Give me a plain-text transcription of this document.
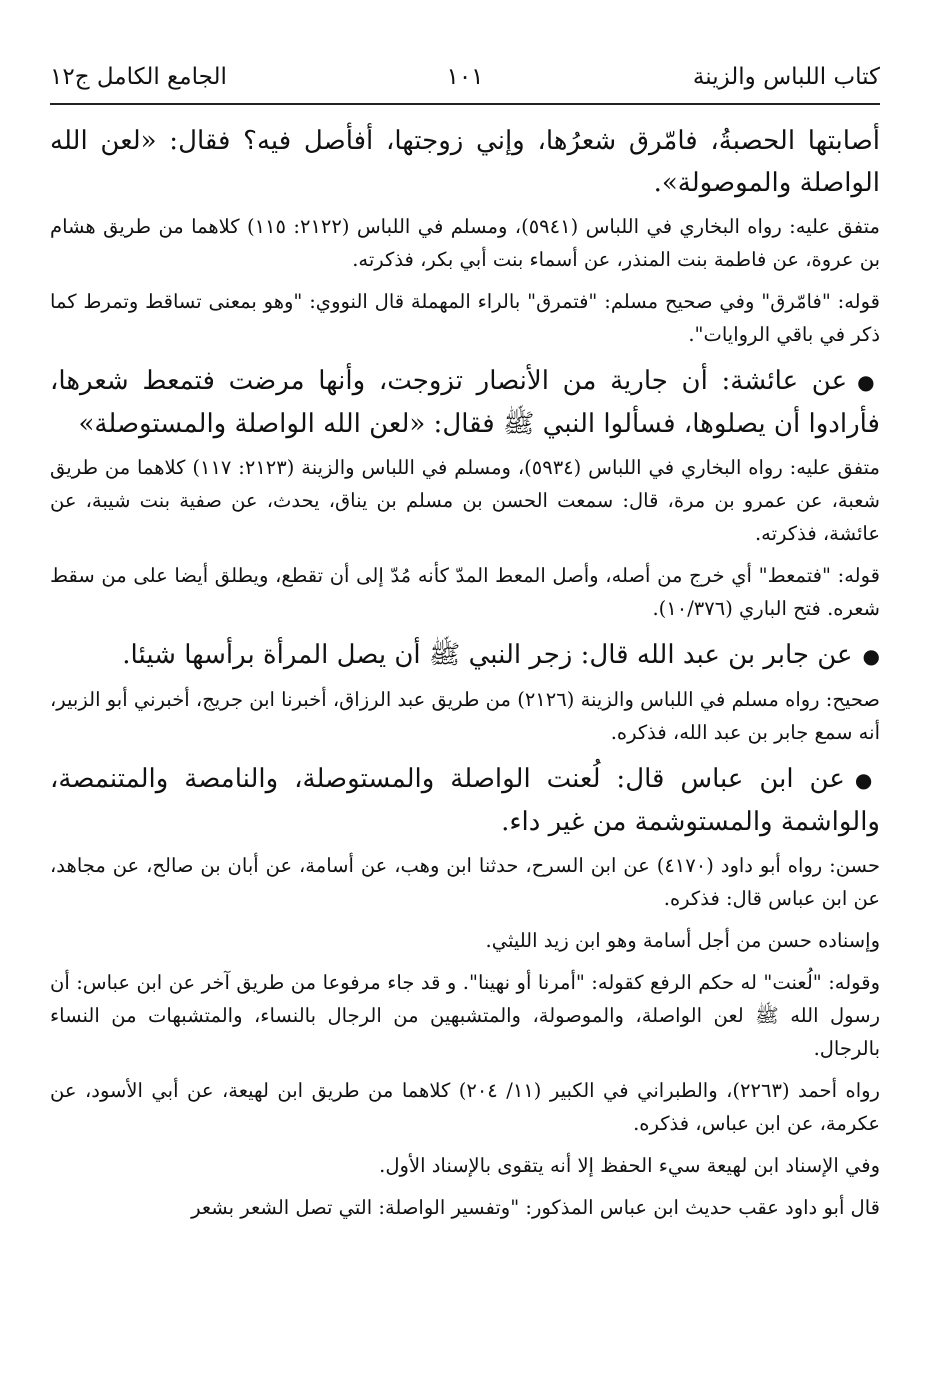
كتاب اللباس والزينة
١٠١
الجامع الكامل ج١٢

أصابتها الحصبةُ، فامّرق شعرُها، وإني زوجتها، أفأصل فيه؟ فقال: «لعن الله الواصلة والموصولة».

متفق عليه: رواه البخاري في اللباس (٥٩٤١)، ومسلم في اللباس (٢١٢٢: ١١٥) كلاهما من طريق هشام بن عروة، عن فاطمة بنت المنذر، عن أسماء بنت أبي بكر، فذكرته.

قوله: "فامّرق" وفي صحيح مسلم: "فتمرق" بالراء المهملة قال النووي: "وهو بمعنى تساقط وتمرط كما ذكر في باقي الروايات".

●عن عائشة: أن جارية من الأنصار تزوجت، وأنها مرضت فتمعط شعرها، فأرادوا أن يصلوها، فسألوا النبي ﷺ فقال: «لعن الله الواصلة والمستوصلة»

متفق عليه: رواه البخاري في اللباس (٥٩٣٤)، ومسلم في اللباس والزينة (٢١٢٣: ١١٧) كلاهما من طريق شعبة، عن عمرو بن مرة، قال: سمعت الحسن بن مسلم بن يناق، يحدث، عن صفية بنت شيبة، عن عائشة، فذكرته.

قوله: "فتمعط" أي خرج من أصله، وأصل المعط المدّ كأنه مُدّ إلى أن تقطع، ويطلق أيضا على من سقط شعره. فتح الباري (١٠/٣٧٦).

●عن جابر بن عبد الله قال: زجر النبي ﷺ أن يصل المرأة برأسها شيئا.

صحيح: رواه مسلم في اللباس والزينة (٢١٢٦) من طريق عبد الرزاق، أخبرنا ابن جريج، أخبرني أبو الزبير، أنه سمع جابر بن عبد الله، فذكره.

●عن ابن عباس قال: لُعنت الواصلة والمستوصلة، والنامصة والمتنمصة، والواشمة والمستوشمة من غير داء.

حسن: رواه أبو داود (٤١٧٠) عن ابن السرح، حدثنا ابن وهب، عن أسامة، عن أبان بن صالح، عن مجاهد، عن ابن عباس قال: فذكره.

وإسناده حسن من أجل أسامة وهو ابن زيد الليثي.

وقوله: "لُعنت" له حكم الرفع كقوله: "أمرنا أو نهينا". و قد جاء مرفوعا من طريق آخر عن ابن عباس: أن رسول الله ﷺ لعن الواصلة، والموصولة، والمتشبهين من الرجال بالنساء، والمتشبهات من النساء بالرجال.

رواه أحمد (٢٢٦٣)، والطبراني في الكبير (١١/ ٢٠٤) كلاهما من طريق ابن لهيعة، عن أبي الأسود، عن عكرمة، عن ابن عباس، فذكره.

وفي الإسناد ابن لهيعة سيء الحفظ إلا أنه يتقوى بالإسناد الأول.

قال أبو داود عقب حديث ابن عباس المذكور: "وتفسير الواصلة: التي تصل الشعر بشعر
